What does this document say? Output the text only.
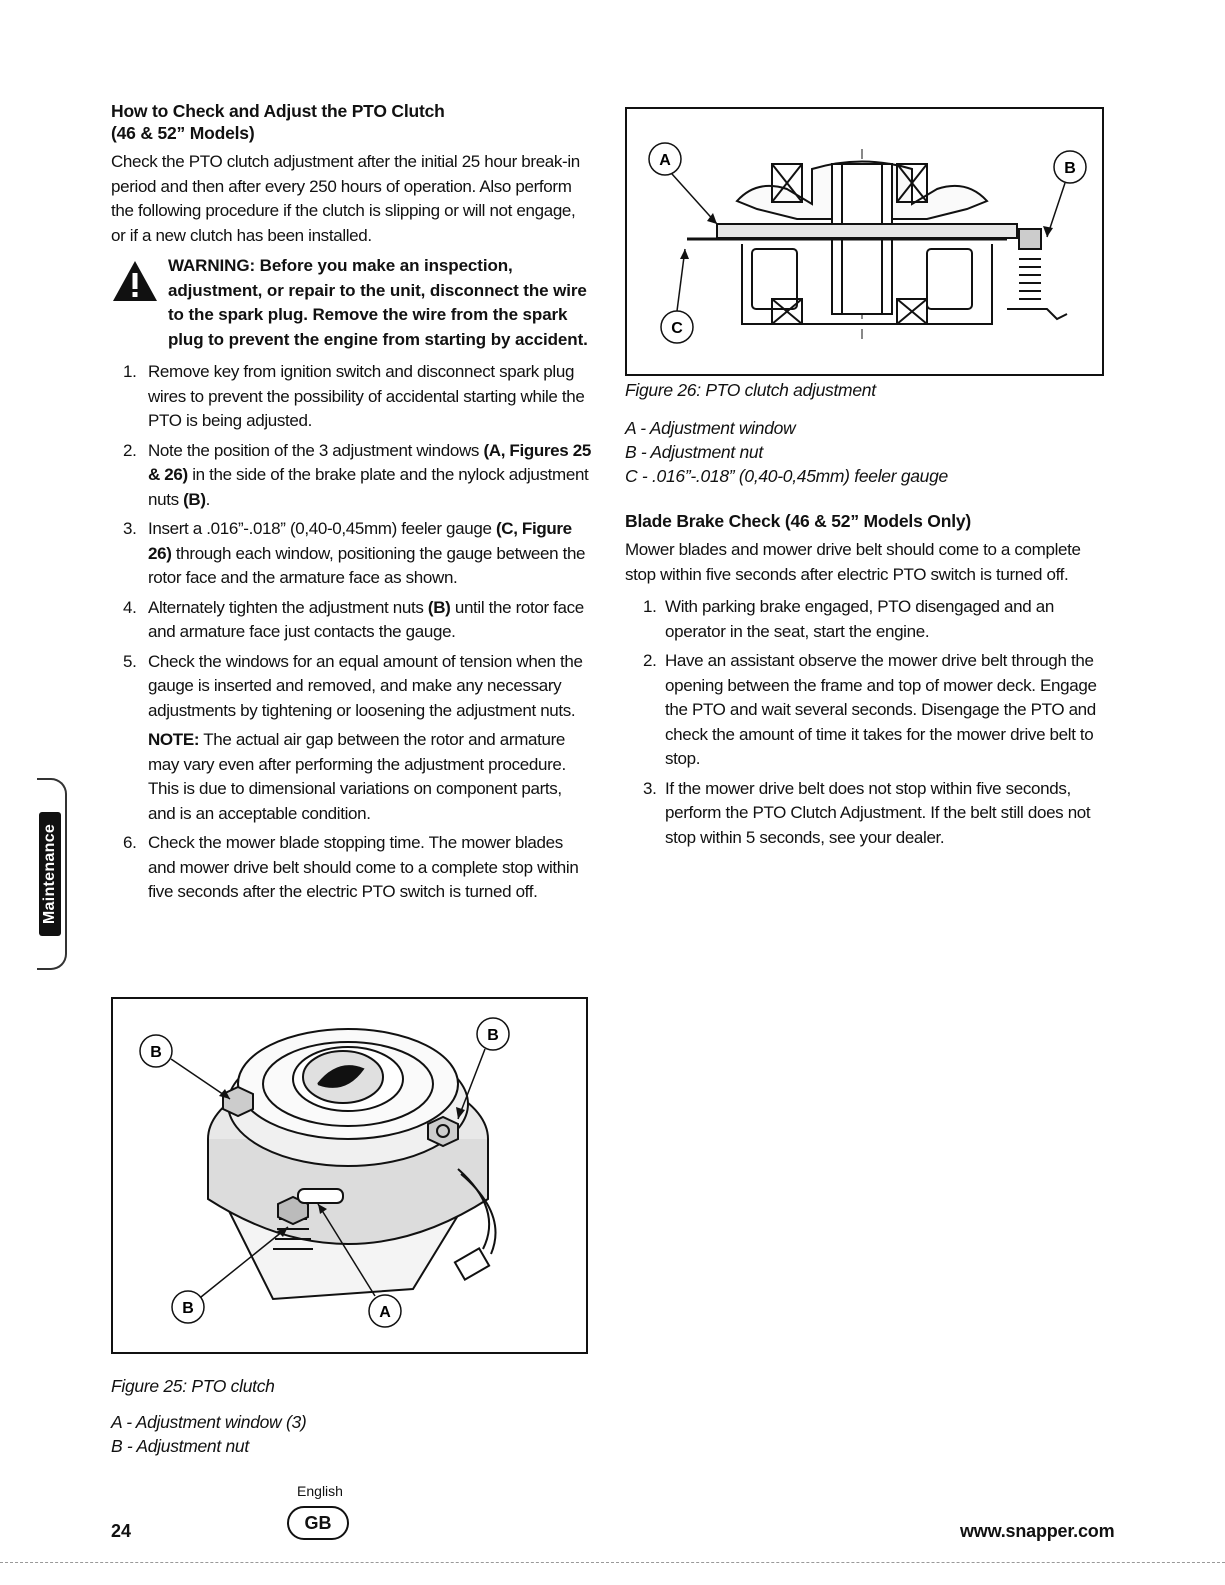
How to Check and Adjust the PTO Clutch
(46 & 52” Models)

Check the PTO clutch adjustment after the initial 25 hour break-in period and then after every 250 hours of operation. Also perform the following procedure if the clutch is slipping or will not engage, or if a new clutch has been installed.

WARNING: Before you make an inspection, adjustment, or repair to the unit, disconnect the wire to the spark plug. Remove the wire from the spark plug to prevent the engine from starting by accident.
1. Remove key from ignition switch and disconnect spark plug wires to prevent the possibility of accidental starting while the PTO is being adjusted.
2. Note the position of the 3 adjustment windows (A, Figures 25 & 26) in the side of the brake plate and the nylock adjustment nuts (B).
3. Insert a .016”-.018” (0,40-0,45mm) feeler gauge (C, Figure 26) through each window, positioning the gauge between the rotor face and the armature face as shown.
4. Alternately tighten the adjustment nuts (B) until the rotor face and armature face just contacts the gauge.
5. Check the windows for an equal amount of tension when the gauge is inserted and removed, and make any necessary adjustments by tightening or loosening the adjustment nuts.
NOTE: The actual air gap between the rotor and armature may vary even after performing the adjustment procedure. This is due to dimensional variations on component parts, and is an acceptable condition.
6. Check the mower blade stopping time. The mower blades and mower drive belt should come to a complete stop within five seconds after the electric PTO switch is turned off.
B
B
B	A
Figure 25: PTO clutch
A - Adjustment window (3)
B - Adjustment nut
A	B
C
Figure 26: PTO clutch adjustment
A - Adjustment window
B - Adjustment nut
C - .016”-.018” (0,40-0,45mm) feeler gauge
Blade Brake Check (46 & 52” Models Only)

Mower blades and mower drive belt should come to a complete stop within five seconds after electric PTO switch is turned off.

1. With parking brake engaged, PTO disengaged and an operator in the seat, start the engine.
2. Have an assistant observe the mower drive belt through the opening between the frame and top of mower deck. Engage the PTO and wait several seconds. Disengage the PTO and check the amount of time it takes for the mower drive belt to stop.
3. If the mower drive belt does not stop within five seconds, perform the PTO Clutch Adjustment. If the belt still does not stop within 5 seconds, see your dealer.
Maintenance
24
English
GB	www.snapper.com
